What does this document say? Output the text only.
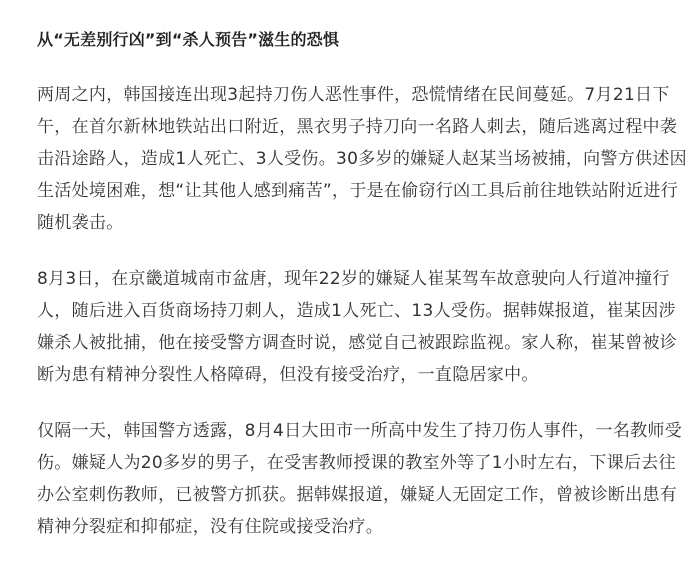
从“无差别行凶”到“杀人预告”滋生的恐惧
两周之内，韩国接连出现3起持刀伤人恶性事件，恐慌情绪在民间蔓延。7月21日下
午，在首尔新林地铁站出口附近，黑衣男子持刀向一名路人刺去，随后逃离过程中袭
击沿途路人，造成1人死亡、3人受伤。30多岁的嫌疑人赵某当场被捕，向警方供述因
生活处境困难，想“让其他人感到痛苦”，于是在偷窃行凶工具后前往地铁站附近进行
随机袭击。
8月3日，在京畿道城南市盆唐，现年22岁的嫌疑人崔某驾车故意驶向人行道冲撞行
人，随后进入百货商场持刀刺人，造成1人死亡、13人受伤。据韩媒报道，崔某因涉
嫌杀人被批捕，他在接受警方调查时说，感觉自己被跟踪监视。家人称，崔某曾被诊
断为患有精神分裂性人格障碍，但没有接受治疗，一直隐居家中。
仅隔一天，韩国警方透露，8月4日大田市一所高中发生了持刀伤人事件，一名教师受
伤。嫌疑人为20多岁的男子，在受害教师授课的教室外等了1小时左右，下课后去往
办公室刺伤教师，已被警方抓获。据韩媒报道，嫌疑人无固定工作，曾被诊断出患有
精神分裂症和抑郁症，没有住院或接受治疗。
